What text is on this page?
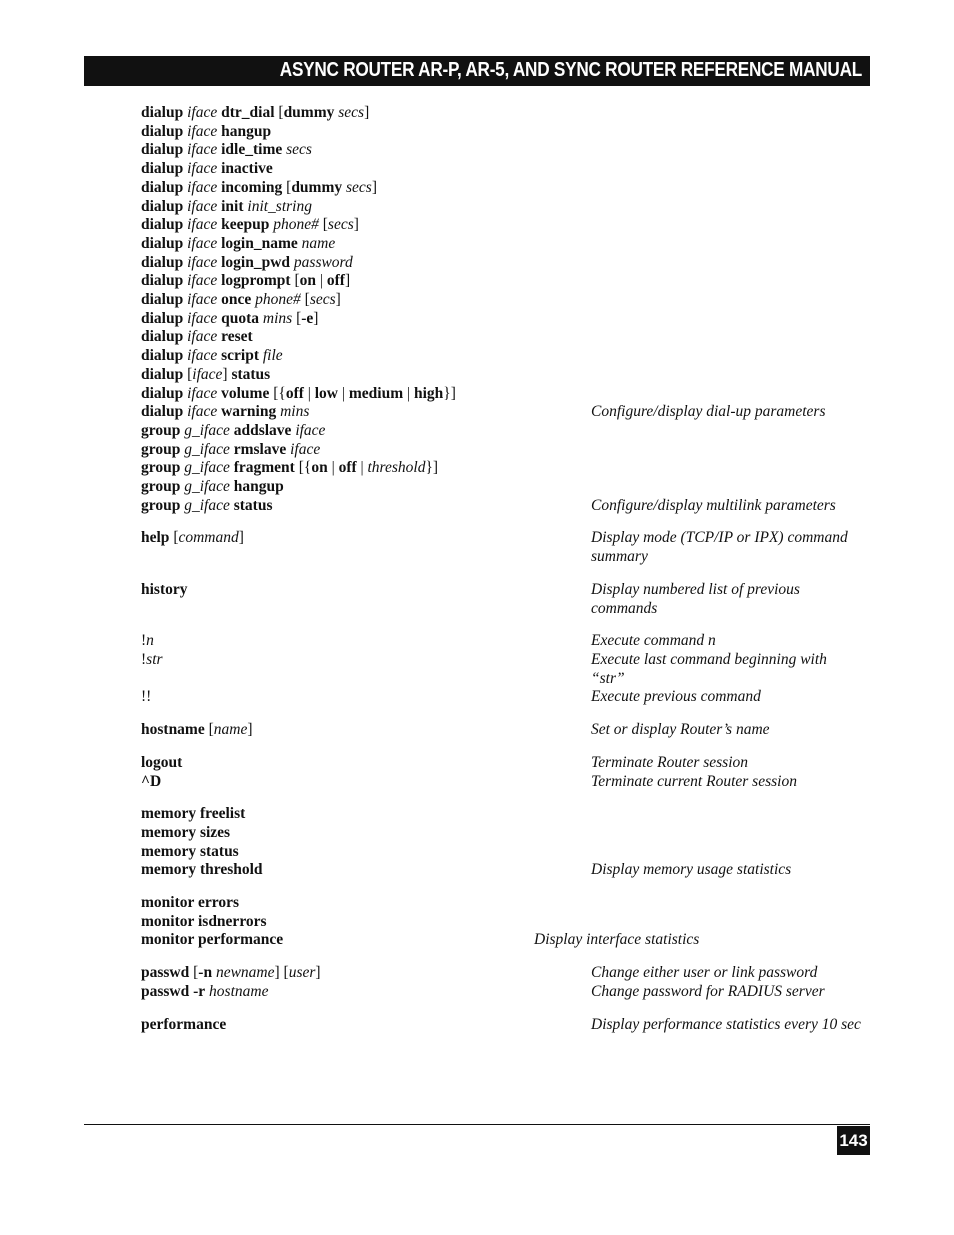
ASYNC ROUTER AR-P, AR-5, AND SYNC ROUTER REFERENCE MANUAL
dialup iface dtr_dial [dummy secs]
dialup iface hangup
dialup iface idle_time secs
dialup iface inactive
dialup iface incoming [dummy secs]
dialup iface init init_string
dialup iface keepup phone# [secs]
dialup iface login_name name
dialup iface login_pwd password
dialup iface logprompt [on | off]
dialup iface once phone# [secs]
dialup iface quota mins [-e]
dialup iface reset
dialup iface script file
dialup [iface] status
dialup iface volume [{off | low | medium | high}]
dialup iface warning mins	Configure/display dial-up parameters
group g_iface addslave iface
group g_iface rmslave iface
group g_iface fragment [{on | off | threshold}]
group g_iface hangup
group g_iface status	Configure/display multilink parameters
help [command]	Display mode (TCP/IP or IPX) command summary
history	Display numbered list of previous commands
!n	Execute command n
!str	Execute last command beginning with “str”
!!	Execute previous command
hostname [name]	Set or display Router’s name
logout	Terminate Router session
^D	Terminate current Router session
memory freelist
memory sizes
memory status
memory threshold	Display memory usage statistics
monitor errors
monitor isdnerrors
monitor performance	Display interface statistics
passwd [-n newname] [user]	Change either user or link password
passwd -r hostname	Change password for RADIUS server
performance	Display performance statistics every 10 sec
143
